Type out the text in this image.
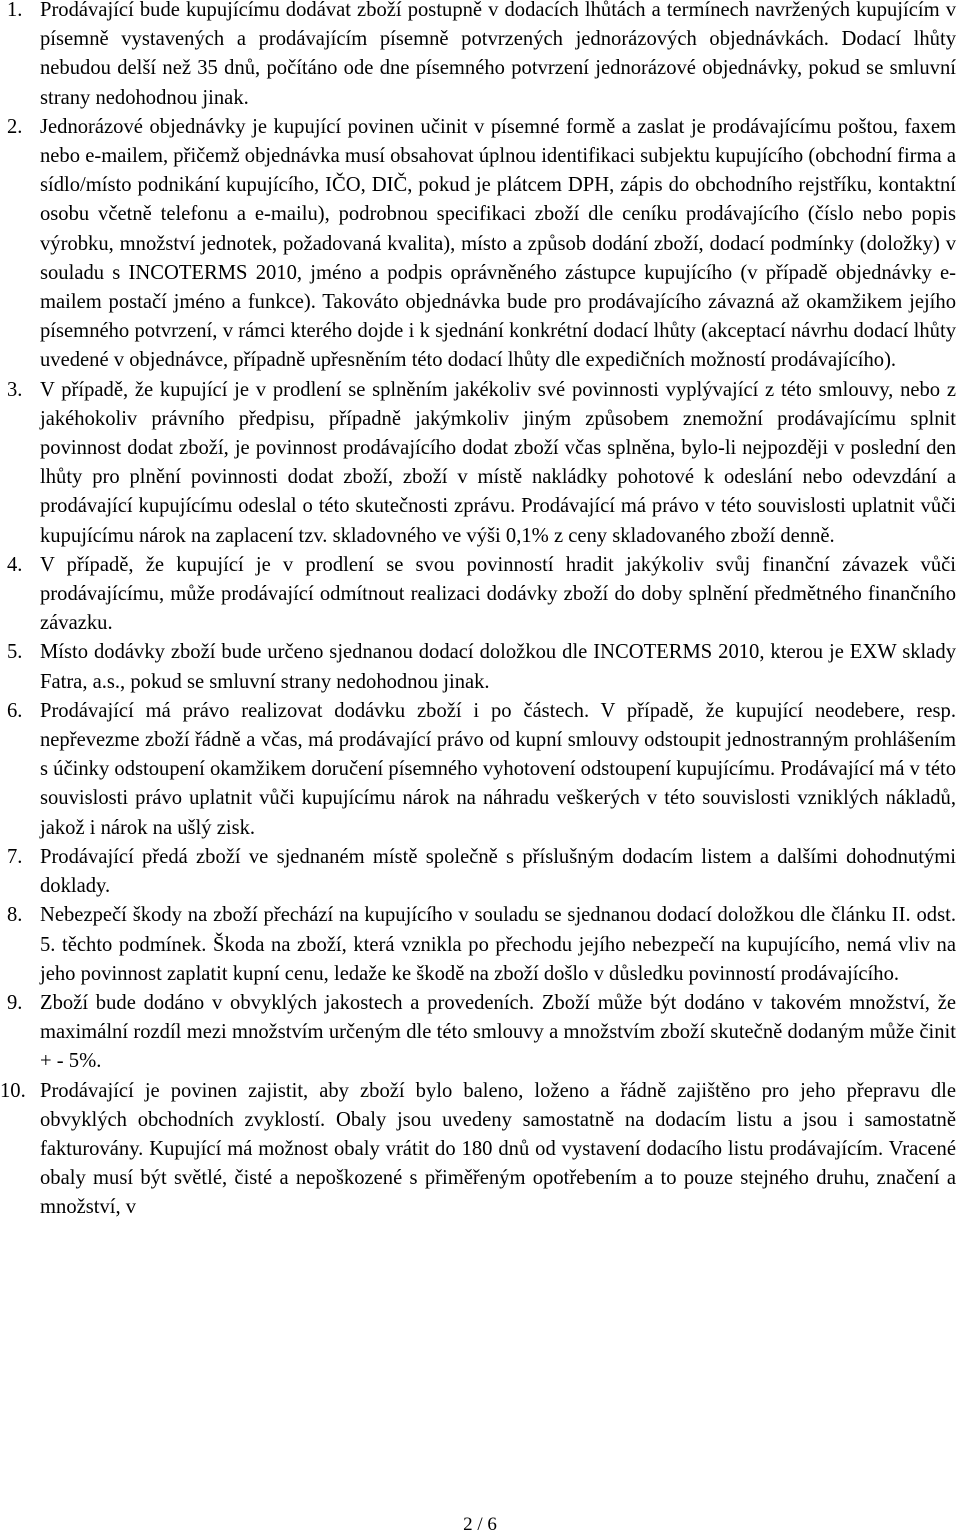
1. Prodávající bude kupujícímu dodávat zboží postupně v dodacích lhůtách a termínech navržených kupujícím v písemně vystavených a prodávajícím písemně potvrzených jednorázových objednávkách. Dodací lhůty nebudou delší než 35 dnů, počítáno ode dne písemného potvrzení jednorázové objednávky, pokud se smluvní strany nedohodnou jinak.
2. Jednorázové objednávky je kupující povinen učinit v písemné formě a zaslat je prodávajícímu poštou, faxem nebo e-mailem, přičemž objednávka musí obsahovat úplnou identifikaci subjektu kupujícího (obchodní firma a sídlo/místo podnikání kupujícího, IČO, DIČ, pokud je plátcem DPH, zápis do obchodního rejstříku, kontaktní osobu včetně telefonu a e-mailu), podrobnou specifikaci zboží dle ceníku prodávajícího (číslo nebo popis výrobku, množství jednotek, požadovaná kvalita), místo a způsob dodání zboží, dodací podmínky (doložky) v souladu s INCOTERMS 2010, jméno a podpis oprávněného zástupce kupujícího (v případě objednávky e-mailem postačí jméno a funkce). Takováto objednávka bude pro prodávajícího závazná až okamžikem jejího písemného potvrzení, v rámci kterého dojde i k sjednání konkrétní dodací lhůty (akceptací návrhu dodací lhůty uvedené v objednávce, případně upřesněním této dodací lhůty dle expedičních možností prodávajícího).
3. V případě, že kupující je v prodlení se splněním jakékoliv své povinnosti vyplývající z této smlouvy, nebo z jakéhokoliv právního předpisu, případně jakýmkoliv jiným způsobem znemožní prodávajícímu splnit povinnost dodat zboží, je povinnost prodávajícího dodat zboží včas splněna, bylo-li nejpozději v poslední den lhůty pro plnění povinnosti dodat zboží, zboží v místě nakládky pohotové k odeslání nebo odevzdání a prodávající kupujícímu odeslal o této skutečnosti zprávu. Prodávající má právo v této souvislosti uplatnit vůči kupujícímu nárok na zaplacení tzv. skladovného ve výši 0,1% z ceny skladovaného zboží denně.
4. V případě, že kupující je v prodlení se svou povinností hradit jakýkoliv svůj finanční závazek vůči prodávajícímu, může prodávající odmítnout realizaci dodávky zboží do doby splnění předmětného finančního závazku.
5. Místo dodávky zboží bude určeno sjednanou dodací doložkou dle INCOTERMS 2010, kterou je EXW sklady Fatra, a.s., pokud se smluvní strany nedohodnou jinak.
6. Prodávající má právo realizovat dodávku zboží i po částech. V případě, že kupující neodebere, resp. nepřevezme zboží řádně a včas, má prodávající právo od kupní smlouvy odstoupit jednostranným prohlášením s účinky odstoupení okamžikem doručení písemného vyhotovení odstoupení kupujícímu. Prodávající má v této souvislosti právo uplatnit vůči kupujícímu nárok na náhradu veškerých v této souvislosti vzniklých nákladů, jakož i nárok na ušlý zisk.
7. Prodávající předá zboží ve sjednaném místě společně s příslušným dodacím listem a dalšími dohodnutými doklady.
8. Nebezpečí škody na zboží přechází na kupujícího v souladu se sjednanou dodací doložkou dle článku II. odst. 5. těchto podmínek. Škoda na zboží, která vznikla po přechodu jejího nebezpečí na kupujícího, nemá vliv na jeho povinnost zaplatit kupní cenu, ledaže ke škodě na zboží došlo v důsledku povinností prodávajícího.
9. Zboží bude dodáno v obvyklých jakostech a provedeních. Zboží může být dodáno v takovém množství, že maximální rozdíl mezi množstvím určeným dle této smlouvy a množstvím zboží skutečně dodaným může činit + - 5%.
10. Prodávající je povinen zajistit, aby zboží bylo baleno, loženo a řádně zajištěno pro jeho přepravu dle obvyklých obchodních zvyklostí. Obaly jsou uvedeny samostatně na dodacím listu a jsou i samostatně fakturovány. Kupující má možnost obaly vrátit do 180 dnů od vystavení dodacího listu prodávajícím. Vracené obaly musí být světlé, čisté a nepoškozené s přiměřeným opotřebením a to pouze stejného druhu, značení a množství, v
2 / 6
